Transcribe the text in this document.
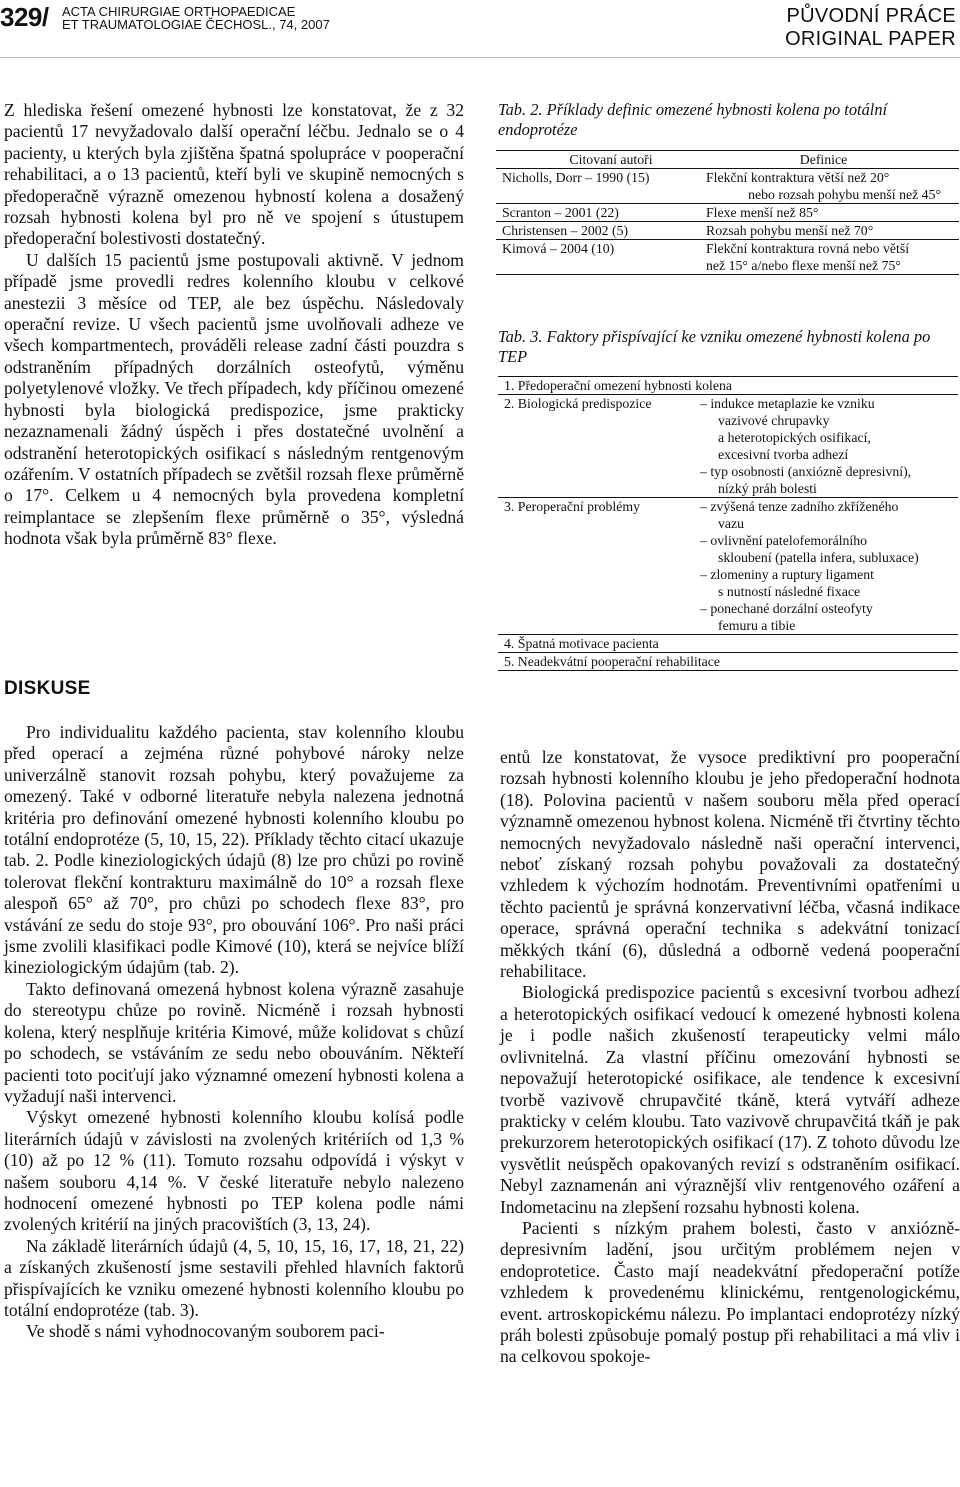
329/ ACTA CHIRURGIAE ORTHOPAEDICAE
ET TRAUMATOLOGIAE ČECHOSL., 74, 2007	PŮVODNÍ PRÁCE
ORIGINAL PAPER

Z hlediska řešení omezené hybnosti lze konstatovat, že z 32 pacientů 17 nevyžadovalo další operační léčbu. Jednalo se o 4 pacienty, u kterých byla zjištěna špatná spolupráce v pooperační rehabilitaci, a o 13 pacientů, kteří byli ve skupině nemocných s předoperačně výrazně omezenou hybností kolena a dosažený rozsah hybnosti kolena byl pro ně ve spojení s útustupem předoperační bolestivosti dostatečný.

U dalších 15 pacientů jsme postupovali aktivně. V jednom případě jsme provedli redres kolenního kloubu v celkové anestezii 3 měsíce od TEP, ale bez úspěchu. Následovaly operační revize. U všech pacientů jsme uvolňovali adheze ve všech kompartmentech, prováděli release zadní části pouzdra s odstraněním případných dorzálních osteofytů, výměnu polyetylenové vložky. Ve třech případech, kdy příčinou omezené hybnosti byla biologická predispozice, jsme prakticky nezaznamenali žádný úspěch i přes dostatečné uvolnění a odstranění heterotopických osifikací s následným rentgenovým ozářením. V ostatních případech se zvětšil rozsah flexe průměrně o 17°. Celkem u 4 nemocných byla provedena kompletní reimplantace se zlepšením flexe průměrně o 35°, výsledná hodnota však byla průměrně 83° flexe.

DISKUSE

Pro individualitu každého pacienta, stav kolenního kloubu před operací a zejména různé pohybové nároky nelze univerzálně stanovit rozsah pohybu, který považujeme za omezený. Také v odborné literatuře nebyla nalezena jednotná kritéria pro definování omezené hybnosti kolenního kloubu po totální endoprotéze (5, 10, 15, 22). Příklady těchto citací ukazuje tab. 2. Podle kineziologických údajů (8) lze pro chůzi po rovině tolerovat flekční kontrakturu maximálně do 10° a rozsah flexe alespoň 65° až 70°, pro chůzi po schodech flexe 83°, pro vstávání ze sedu do stoje 93°, pro obouvání 106°. Pro naši práci jsme zvolili klasifikaci podle Kimové (10), která se nejvíce blíží kineziologickým údajům (tab. 2).

Takto definovaná omezená hybnost kolena výrazně zasahuje do stereotypu chůze po rovině. Nicméně i rozsah hybnosti kolena, který nesplňuje kritéria Kimové, může kolidovat s chůzí po schodech, se vstáváním ze sedu nebo obouváním. Někteří pacienti toto pociťují jako významné omezení hybnosti kolena a vyžadují naši intervenci.

Výskyt omezené hybnosti kolenního kloubu kolísá podle literárních údajů v závislosti na zvolených kritériích od 1,3 % (10) až po 12 % (11). Tomuto rozsahu odpovídá i výskyt v našem souboru 4,14 %. V české literatuře nebylo nalezeno hodnocení omezené hybnosti po TEP kolena podle námi zvolených kritérií na jiných pracovištích (3, 13, 24).

Na základě literárních údajů (4, 5, 10, 15, 16, 17, 18, 21, 22) a získaných zkušeností jsme sestavili přehled hlavních faktorů přispívajících ke vzniku omezené hybnosti kolenního kloubu po totální endoprotéze (tab. 3).

Ve shodě s námi vyhodnocovaným souborem paci-

Tab. 2. Příklady definic omezené hybnosti kolena po totální endoprotéze
Citovaní autoři	Definice
Nicholls, Dorr – 1990 (15)	Flekční kontraktura větší než 20°
nebo rozsah pohybu menší než 45°
Scranton – 2001 (22)	Flexe menší než 85°
Christensen – 2002 (5)	Rozsah pohybu menší než 70°
Kimová – 2004 (10)	Flekční kontraktura rovná nebo větší
než 15° a/nebo flexe menší než 75°
Tab. 3. Faktory přispívající ke vzniku omezené hybnosti kolena po TEP
1. Předoperační omezení hybnosti kolena
2. Biologická predispozice	– indukce metaplazie ke vzniku
vazivové chrupavky
a heterotopických osifikací,
excesivní tvorba adhezí
– typ osobnosti (anxiózně depresivní),
nízký práh bolesti
3. Peroperační problémy	– zvýšená tenze zadního zkříženého
vazu
– ovlivnění patelofemorálního
skloubení (patella infera, subluxace)
– zlomeniny a ruptury ligament
s nutností následné fixace
– ponechané dorzální osteofyty
femuru a tibie
4. Špatná motivace pacienta
5. Neadekvátní pooperační rehabilitace

entů lze konstatovat, že vysoce prediktivní pro pooperační rozsah hybnosti kolenního kloubu je jeho předoperační hodnota (18). Polovina pacientů v našem souboru měla před operací významně omezenou hybnost kolena. Nicméně tři čtvrtiny těchto nemocných nevyžadovalo následně naši operační intervenci, neboť získaný rozsah pohybu považovali za dostatečný vzhledem k výchozím hodnotám. Preventivními opatřeními u těchto pacientů je správná konzervativní léčba, včasná indikace operace, správná operační technika s adekvátní tonizací měkkých tkání (6), důsledná a odborně vedená pooperační rehabilitace.

Biologická predispozice pacientů s excesivní tvorbou adhezí a heterotopických osifikací vedoucí k omezené hybnosti kolena je i podle našich zkušeností terapeuticky velmi málo ovlivnitelná. Za vlastní příčinu omezování hybnosti se nepovažují heterotopické osifikace, ale tendence k excesivní tvorbě vazivově chrupavčité tkáně, která vytváří adheze prakticky v celém kloubu. Tato vazivově chrupavčitá tkáň je pak prekurzorem heterotopických osifikací (17). Z tohoto důvodu lze vysvětlit neúspěch opakovaných revizí s odstraněním osifikací. Nebyl zaznamenán ani výraznější vliv rentgenového ozáření a Indometacinu na zlepšení rozsahu hybnosti kolena.

Pacienti s nízkým prahem bolesti, často v anxiózně-depresivním ladění, jsou určitým problémem nejen v endoprotetice. Často mají neadekvátní předoperační potíže vzhledem k provedenému klinickému, rentgenologickému, event. artroskopickému nálezu. Po implantaci endoprotézy nízký práh bolesti způsobuje pomalý postup při rehabilitaci a má vliv i na celkovou spokoje-
